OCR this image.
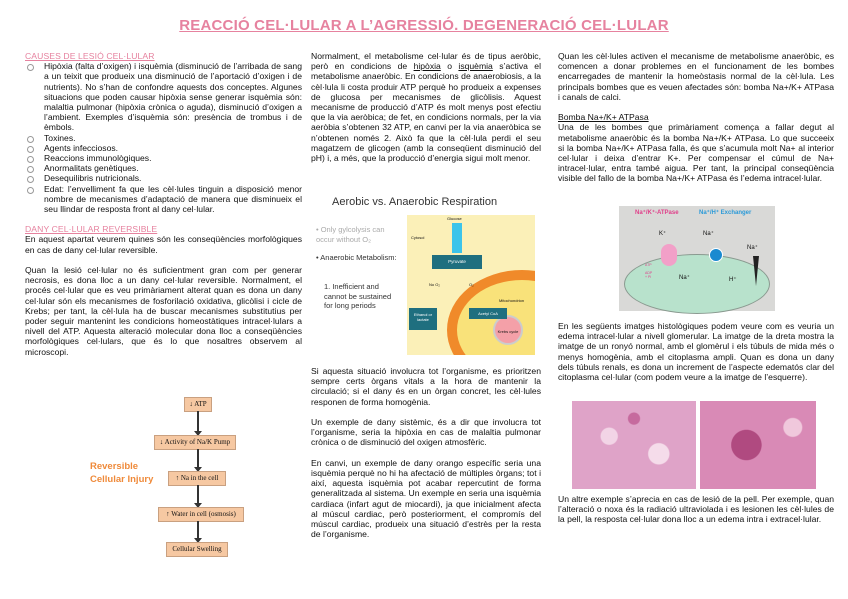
REACCIÓ CEL·LULAR A L’AGRESSIÓ. DEGENERACIÓ CEL·LULAR
CAUSES DE LESIÓ CEL·LULAR
Hipòxia (falta d’oxigen) i isquèmia (disminució de l’arribada de sang a un teixit que produeix una disminució de l’aportació d’oxigen i de nutrients). No s’han de confondre aquests dos conceptes. Algunes situacions que poden causar hipòxia sense generar isquèmia són: malaltia pulmonar (hipòxia crònica o aguda), disminució d’oxigen a l’ambient. Exemples d’isquèmia són: presència de trombus i de èmbols.
Toxines.
Agents infecciosos.
Reaccions immunològiques.
Anormalitats genètiques.
Desequilibris nutricionals.
Edat: l’envelliment fa que les cèl·lules tinguin a disposició menor nombre de mecanismes d’adaptació de manera que disminueix el seu llindar de resposta front al dany cel·lular.
DANY CEL·LULAR REVERSIBLE

En aquest apartat veurem quines són les conseqüències morfològiques en cas de dany cel·lular reversible.

Quan la lesió cel·lular no és suficientment gran com per generar necrosis, es dona lloc a un dany cel·lular reversible. Normalment, el procés cel·lular que es veu primàriament alterat quan es dona un dany cel·lular són els mecanismes de fosforilació oxidativa, glicòlisi i cicle de Krebs; per tant, la cèl·lula ha de buscar mecanismes substitutius per poder seguir mantenint les condicions homeostàtiques intracel·lulars a nivell del ATP. Aquesta alteració molecular dona lloc a conseqüències morfològiques cel·lulars, que és lo que nosaltres observem al microscopi.

Reversible
Cellular Injury
↓ ATP
↓ Activity of Na/K Pump
↑ Na in the cell
↑ Water in cell (osmosis)
Cellular Swelling

Normalment, el metabolisme cel·lular és de tipus aeròbic, però en condicions de hipòxia o isquèmia s’activa el metabolisme anaeròbic. En condicions de anaerobiosis, a la cèl·lula li costa produir ATP perquè ho produeix a expenses de glucosa per mecanismes de glicòlisis. Aquest mecanisme de producció d’ATP és molt menys post efectiu que la via aeròbica; de fet, en condicions normals, per la via aeròbia s’obtenen 32 ATP, en canvi per la via anaeròbica se n’obtenen només 2. Això fa que la cèl·lula perdi el seu magatzem de glicogen (amb la conseqüent disminució del pH) i, a més, que la producció d’energia sigui molt menor.

Aerobic vs. Anaerobic Respiration
• Only gylcolysis can occur without O₂
• Anaerobic Metabolism:
1. Inefficient and cannot be sustained for long periods
Krebs cycle
Glucose
Cytosol
Pyruvate
No O₂	O₂
Mitochondrion
Ethanol or lactate
Acetyl CoA

Si aquesta situació involucra tot l’organisme, es prioritzen sempre certs òrgans vitals a la hora de mantenir la circulació; si el dany és en un òrgan concret, les cèl·lules responen de forma homogènia.

Un exemple de dany sistèmic, és a dir que involucra tot l’organisme, seria la hipòxia en cas de malaltia pulmonar crònica o de disminució del oxigen atmosfèric.

En canvi, un exemple de dany orangο específic seria una isquèmia perquè no hi ha afectació de múltiples òrgans; tot i així, aquesta isquèmia pot acabar repercutint de forma generalitzada al sistema. Un exemple en seria una isquèmia cardiaca (infart agut de miocardi), ja que inicialment afecta al múscul cardiac, però posteriorment, el compromís del múscul cardiac, produeix una situació d’estrès per la resta de l’organisme.

Quan les cèl·lules activen el mecanisme de metabolisme anaeròbic, es comencen a donar problemes en el funcionament de les bombes encarregades de mantenir la homeòstasis normal de la cèl·lula. Les principals bombes que es veuen afectades són: bomba Na+/K+ ATPasa i canals de calci.

Bomba Na+/K+ ATPasa

Una de les bombes que primàriament comença a fallar degut al metabolisme anaeròbic és la bomba Na+/K+ ATPasa. Lo que succeeix si la bomba Na+/K+ ATPasa falla, és que s’acumula molt Na+ al interior cel·lular i deixa d’entrar K+. Per compensar el cúmul de Na+ intracel·lular, entra també aigua. Per tant, la principal conseqüència visible del fallo de la bomba Na+/K+ ATPasa és l’edema intracel·lular.

Na⁺/K⁺-ATPase	Na⁺/H⁺ Exchanger
K⁺
Na⁺
Na⁺
Na⁺
H⁺
ATP
ADP + Pi

En les següents imatges histològiques podem veure com es veuria un edema intracel·lular a nivell glomerular. La imatge de la dreta mostra la imatge de un ronyó normal, amb el glomèrul i els túbuls de mida més o menys homogènia, amb el citoplasma ampli. Quan es dona un dany dels túbuls renals, es dona un increment de l’aspecte edematós clar del citoplasma cel·lular (com podem veure a la imatge de l’esquerre).

Un altre exemple s’aprecia en cas de lesió de la pell. Per exemple, quan l’alteració o noxa és la radiació ultraviolada i es lesionen les cèl·lules de la pell, la resposta cel·lular dona lloc a un edema intra i extracel·lular.
